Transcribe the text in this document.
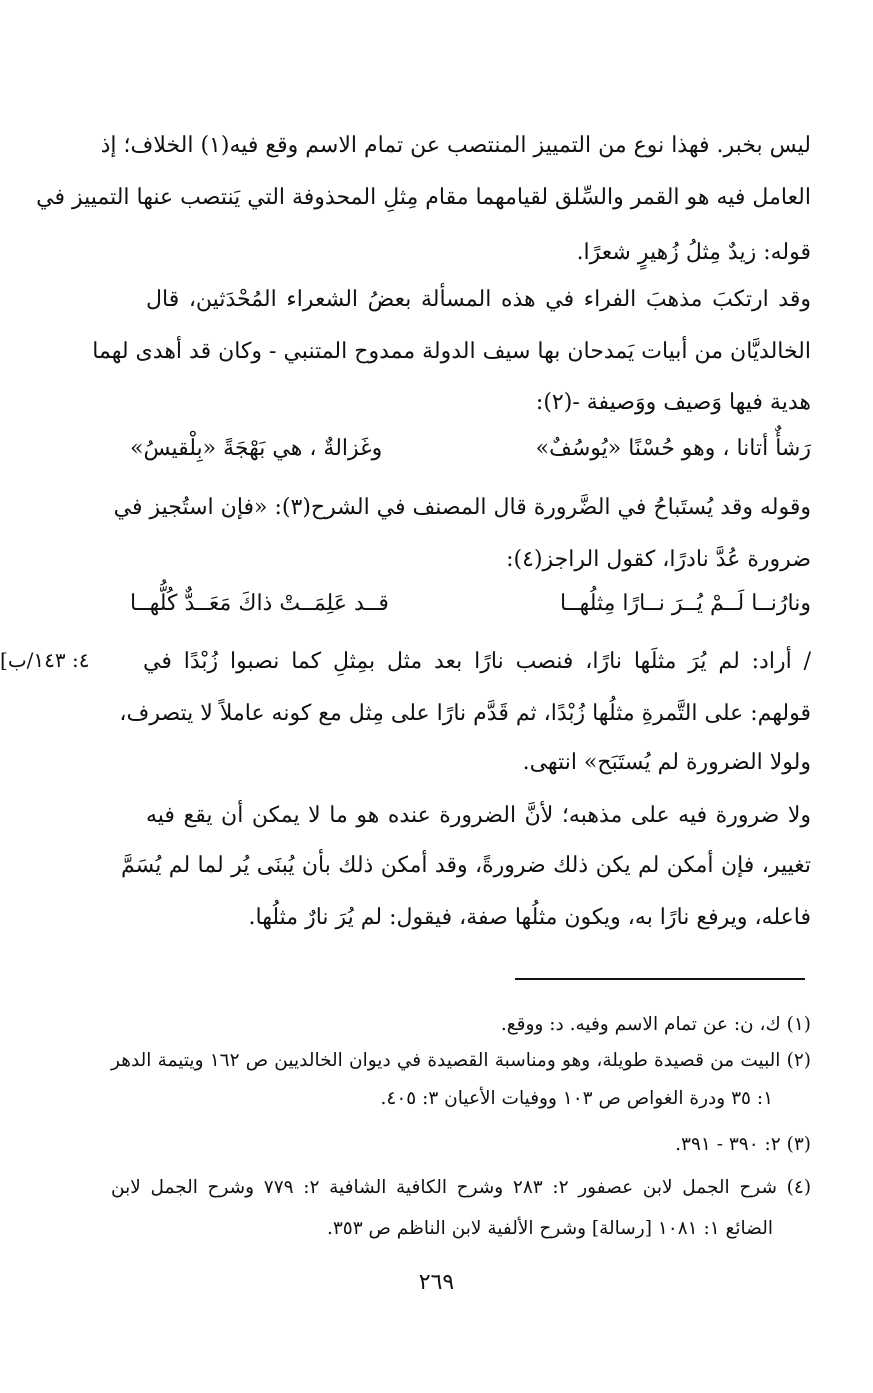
ليس بخبر. فهذا نوع من التمييز المنتصب عن تمام الاسم وقع فيه(١) الخلاف؛ إذ
العامل فيه هو القمر والسِّلق لقيامهما مقام مِثلِ المحذوفة التي يَنتصب عنها التمييز في
قوله: زيدٌ مِثلُ زُهيرٍ شعرًا.
وقد ارتكبَ مذهبَ الفراء في هذه المسألة بعضُ الشعراء المُحْدَثين، قال
الخالديَّان من أبيات يَمدحان بها سيف الدولة ممدوح المتنبي - وكان قد أهدى لهما
هدية فيها وَصيف ووَصيفة -(٢):
رَشأٌ أتانا ، وهو حُسْنًا «يُوسُفٌ»
وغَزالةٌ ، هي بَهْجَةً «بِلْقيسُ»
وقوله وقد يُستَباحُ في الضَّرورة قال المصنف في الشرح(٣): «فإن استُجيز في
ضرورة عُدَّ نادرًا، كقول الراجز(٤):
ونارُنــا لَــمْ يُــرَ نــارًا مِثلُهــا
قــد عَلِمَــتْ ذاكَ مَعَــدٌّ كُلُّهــا
[٤: ١٤٣/ب / أراد: لم يُرَ مثلَها نارًا، فنصب نارًا بعد مثل بمِثلِ كما نصبوا زُبْدًا في
قولهم: على التَّمرةِ مثلُها زُبْدًا، ثم قَدَّم نارًا على مِثل مع كونه عاملاً لا يتصرف،
ولولا الضرورة لم يُستَبَح» انتهى.
ولا ضرورة فيه على مذهبه؛ لأنَّ الضرورة عنده هو ما لا يمكن أن يقع فيه
تغيير، فإن أمكن لم يكن ذلك ضرورةً، وقد أمكن ذلك بأن يُبنَى يُر لما لم يُسَمَّ
فاعله، ويرفع نارًا به، ويكون مثلُها صفة، فيقول: لم يُرَ نارٌ مثلُها.
(١) ك، ن: عن تمام الاسم وفيه. د: ووقع.
(٢) البيت من قصيدة طويلة، وهو ومناسبة القصيدة في ديوان الخالديين ص ١٦٢ ويتيمة الدهر
١: ٣٥ ودرة الغواص ص ١٠٣ ووفيات الأعيان ٣: ٤٠٥.
(٣) ٢: ٣٩٠ - ٣٩١.
(٤) شرح الجمل لابن عصفور ٢: ٢٨٣ وشرح الكافية الشافية ٢: ٧٧٩ وشرح الجمل لابن
الضائع ١: ١٠٨١ [رسالة] وشرح الألفية لابن الناظم ص ٣٥٣.
٢٦٩
